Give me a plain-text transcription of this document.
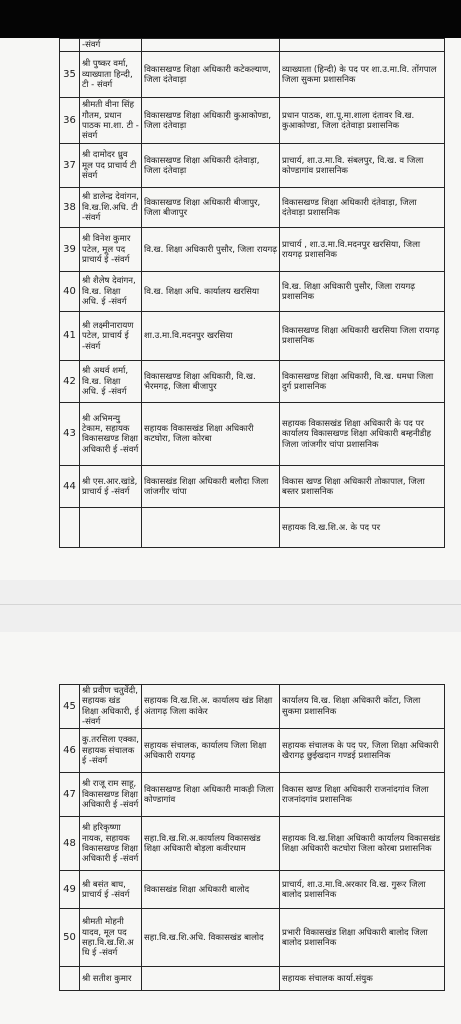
	-संवर्ग		
35	श्री पुष्कर वर्मा, व्याख्याता हिन्दी, टी - संवर्ग	विकासखण्ड शिक्षा अधिकारी कटेकल्याण, जिला दंतेवाड़ा	व्याख्याता (हिन्दी) के पद पर शा.उ.मा.वि. तोंगपाल जिला सुकमा प्रशासनिक
36	श्रीमती वीना सिंह गौतम, प्रधान पाठक मा.शा. टी - संवर्ग	विकासखण्ड शिक्षा अधिकारी कुआकोण्डा, जिला दंतेवाड़ा	प्रधान पाठक, शा.पू.मा.शाला दंतावर वि.ख. कुआकोण्डा, जिला दंतेवाड़ा प्रशासनिक
37	श्री दामोदर ध्रुव मूल पद प्राचार्य टी संवर्ग	विकासखण्ड शिक्षा अधिकारी दंतेवाड़ा, जिला दंतेवाड़ा	प्राचार्य, शा.उ.मा.वि. संबलपुर, वि.ख. व जिला कोण्डागांव प्रशासनिक
38	श्री डालेन्द्र देवांगन, वि.ख.शि.अधि. टी -संवर्ग	विकासखण्ड शिक्षा अधिकारी बीजापुर, जिला बीजापुर	विकासखण्ड शिक्षा अधिकारी दंतेवाड़ा, जिला दंतेवाड़ा प्रशासनिक
39	श्री विनेश कुमार पटेल, मूल पद प्राचार्य ई -संवर्ग	वि.ख. शिक्षा अधिकारी पुसौर, जिला रायगढ़	प्राचार्य , शा.उ.मा.वि.मदनपुर खरसिया, जिला रायगढ़ प्रशासनिक
40	श्री शैलेष देवांगन, वि.ख. शिक्षा अधि. ई -संवर्ग	वि.ख. शिक्षा अधि. कार्यालय खरसिया	वि.ख. शिक्षा अधिकारी पुसौर, जिला रायगढ़ प्रशासनिक
41	श्री लक्ष्मीनारायण पटेल, प्राचार्य ई -संवर्ग	शा.उ.मा.वि.मदनपुर खरसिया	विकासखण्ड शिक्षा अधिकारी खरसिया जिला रायगढ़ प्रशासनिक
42	श्री अथर्व शर्मा, वि.ख. शिक्षा अधि. ई -संवर्ग	विकासखण्ड शिक्षा अधिकारी, वि.ख. भैरमगढ़, जिला बीजापुर	विकासखण्ड शिक्षा अधिकारी, वि.ख. धमधा जिला दुर्ग प्रशासनिक
43	श्री अभिमन्यु टेकाम, सहायक विकासखण्ड शिक्षा अधिकारी ई -संवर्ग	सहायक विकासखंड शिक्षा अधिकारी कटघोरा, जिला कोरबा	सहायक विकासखंड शिक्षा अधिकारी के पद पर कार्यालय विकासखण्ड शिक्षा अधिकारी बम्हनीडीह जिला जांजगीर चांपा प्रशासनिक
44	श्री एस.आर.खांडे, प्राचार्य ई -संवर्ग	विकासखंड शिक्षा अधिकारी बलौदा जिला जांजगीर चांपा	विकास खण्ड शिक्षा अधिकारी तोकापाल, जिला बस्तर प्रशासनिक
			सहायक वि.ख.शि.अ. के पद पर
45	श्री प्रवीण चतुर्वेदी, सहायक खंड शिक्षा अधिकारी, ई -संवर्ग	सहायक वि.ख.शि.अ. कार्यालय खंड शिक्षा अंतागढ़ जिला कांकेर	कार्यालय वि.ख. शिक्षा अधिकारी कोंटा, जिला सुकमा प्रशासनिक
46	कु.तरसिला एक्का, सहायक संचालक ई -संवर्ग	सहायक संचालक, कार्यालय जिला शिक्षा अधिकारी रायगढ़	सहायक संचालक के पद पर, जिला शिक्षा अधिकारी खैरागढ़ छुईखदान गण्डई प्रशासनिक
47	श्री राजू राम साहू, विकासखण्ड शिक्षा अधिकारी ई -संवर्ग	विकासखण्ड शिक्षा अधिकारी माकड़ी जिला कोण्डागांव	विकास खण्ड शिक्षा अधिकारी राजनांदगांव जिला राजनांदगांव प्रशासनिक
48	श्री हरिकृष्णा नायक, सहायक विकासखण्ड शिक्षा अधिकारी ई -संवर्ग	सहा.वि.ख.शि.अ.कार्यालय विकासखंड शिक्षा अधिकारी बोड़ला कवीरधाम	सहायक वि.ख.शिक्षा अधिकारी कार्यालय विकासखंड शिक्षा अधिकारी कटघोरा जिला कोरबा प्रशासनिक
49	श्री बसंत बाघ, प्राचार्य ई -संवर्ग	विकासखंड शिक्षा अधिकारी बालोद	प्राचार्य, शा.उ.मा.वि.अरकार वि.ख. गुरूर जिला बालोद प्रशासनिक
50	श्रीमती मोहनी यादव, मूल पद सहा.वि.ख.शि.अधि ई -संवर्ग	सहा.वि.ख.शि.अधि. विकासखंड बालोद	प्रभारी विकासखंड शिक्षा अधिकारी बालोद जिला बालोद प्रशासनिक
	श्री सतीश कुमार		सहायक संचालक कार्या.संयुक
